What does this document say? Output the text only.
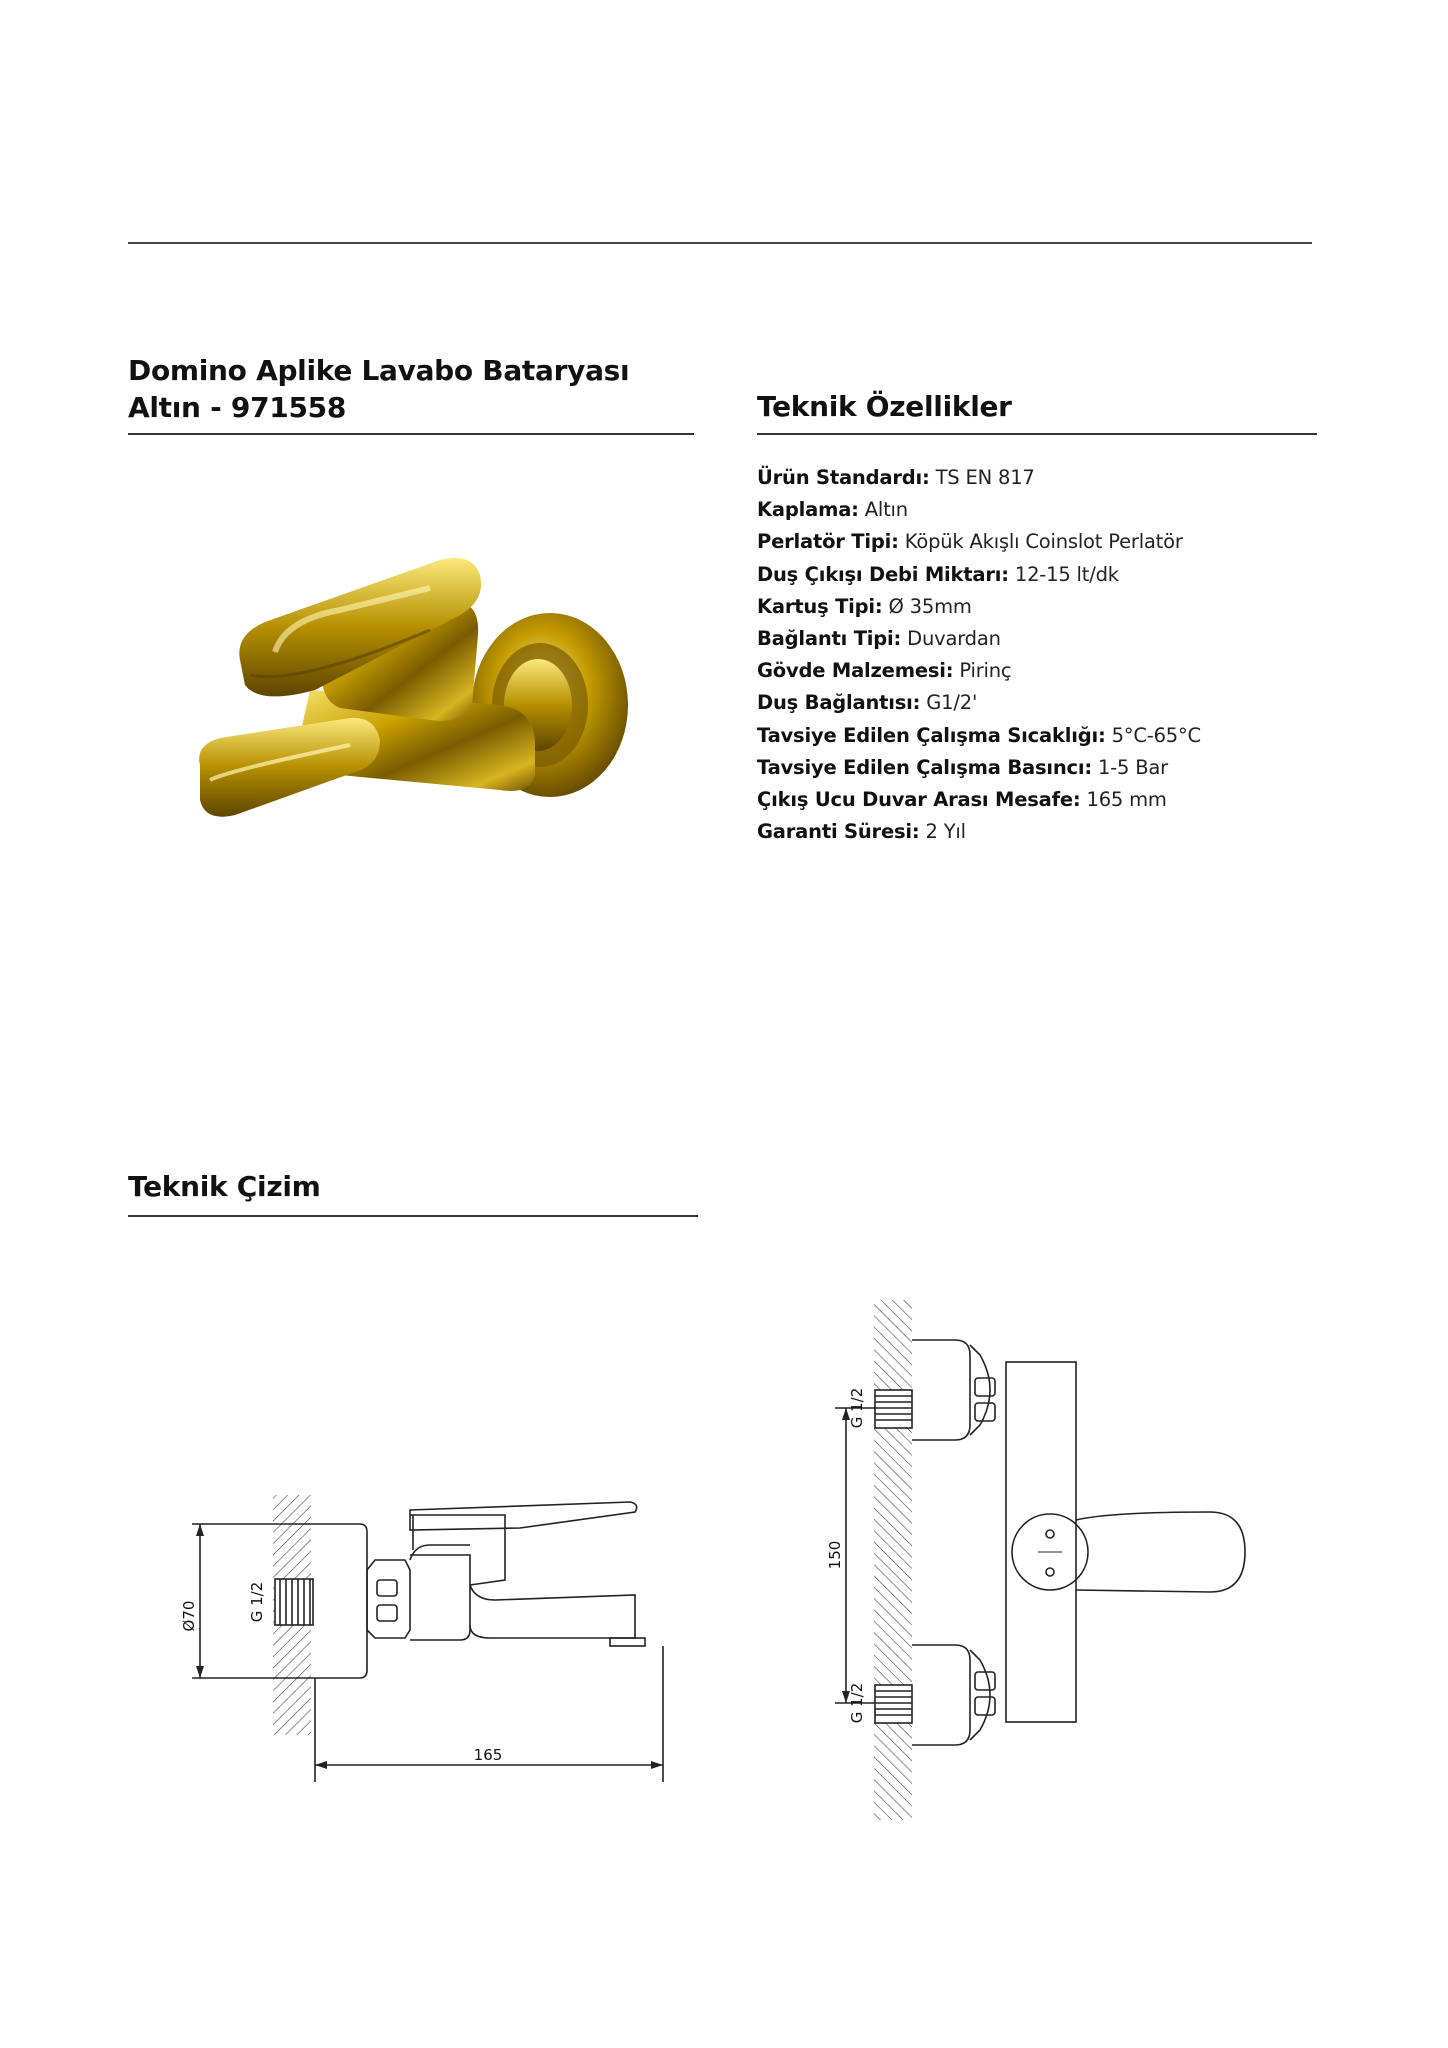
Domino Aplike Lavabo Bataryası
Altın - 971558	Teknik Özellikler
Ürün Standardı: TS EN 817
Kaplama: Altın
Perlatör Tipi: Köpük Akışlı Coinslot Perlatör
Duş Çıkışı Debi Miktarı: 12-15 lt/dk
Kartuş Tipi: Ø 35mm
Bağlantı Tipi: Duvardan
Gövde Malzemesi: Pirinç
Duş Bağlantısı: G1/2'
Tavsiye Edilen Çalışma Sıcaklığı: 5°C-65°C
Tavsiye Edilen Çalışma Basıncı: 1-5 Bar
Çıkış Ucu Duvar Arası Mesafe: 165 mm
Garanti Süresi: 2 Yıl
Teknik Çizim
Ø70	G 1/2
165
150
G 1/2
G 1/2
